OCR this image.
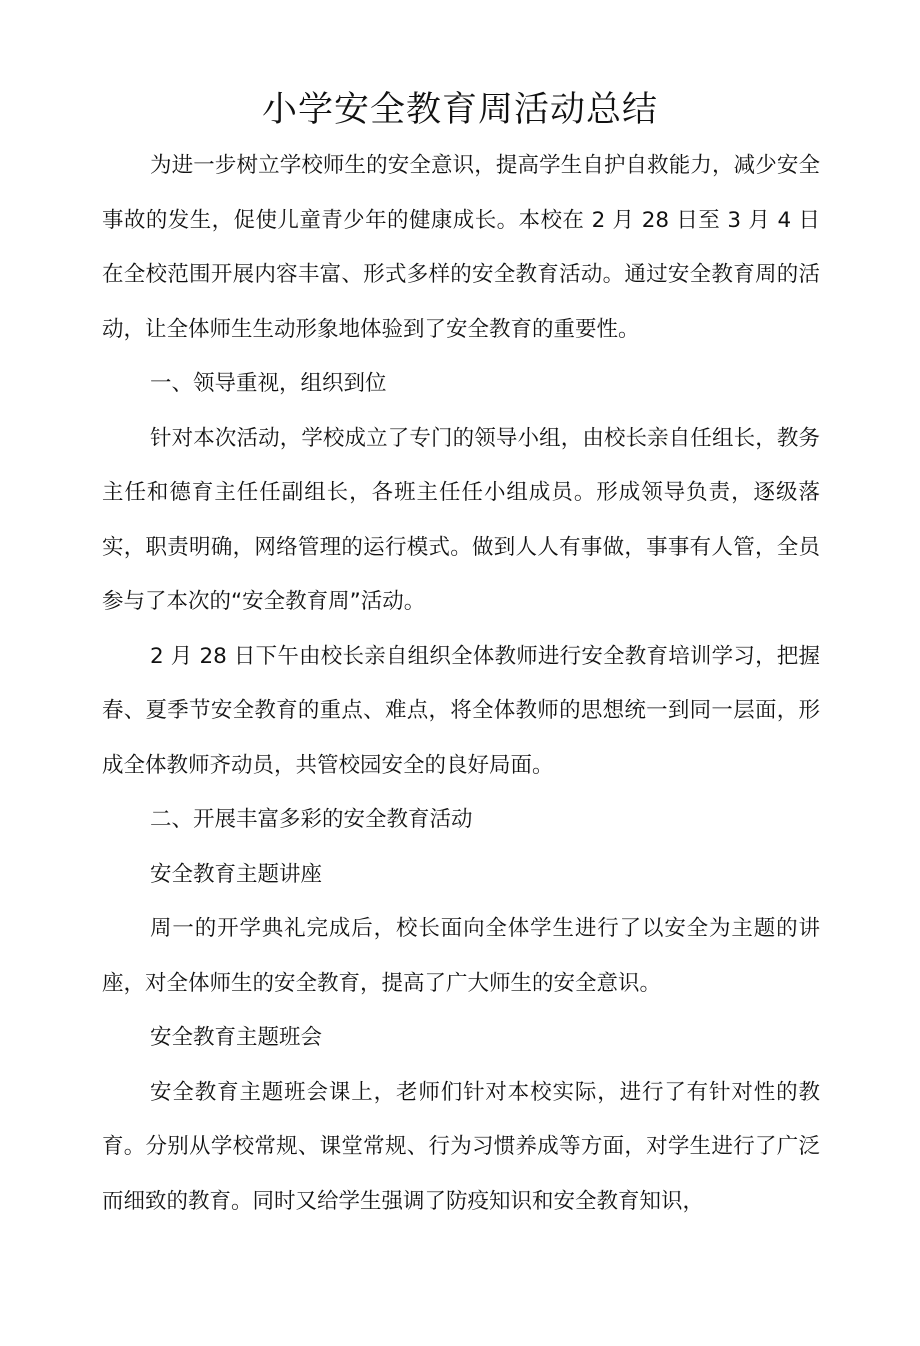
小学安全教育周活动总结

为进一步树立学校师生的安全意识，提高学生自护自救能力，减少安全事故的发生，促使儿童青少年的健康成长。本校在 2 月 28 日至 3 月 4 日在全校范围开展内容丰富、形式多样的安全教育活动。通过安全教育周的活动，让全体师生生动形象地体验到了安全教育的重要性。

一、领导重视，组织到位

针对本次活动，学校成立了专门的领导小组，由校长亲自任组长，教务主任和德育主任任副组长，各班主任任小组成员。形成领导负责，逐级落实，职责明确，网络管理的运行模式。做到人人有事做，事事有人管，全员参与了本次的“安全教育周”活动。

2 月 28 日下午由校长亲自组织全体教师进行安全教育培训学习，把握春、夏季节安全教育的重点、难点，将全体教师的思想统一到同一层面，形成全体教师齐动员，共管校园安全的良好局面。

二、开展丰富多彩的安全教育活动

安全教育主题讲座

周一的开学典礼完成后，校长面向全体学生进行了以安全为主题的讲座，对全体师生的安全教育，提高了广大师生的安全意识。

安全教育主题班会

安全教育主题班会课上，老师们针对本校实际，进行了有针对性的教育。分别从学校常规、课堂常规、行为习惯养成等方面，对学生进行了广泛而细致的教育。同时又给学生强调了防疫知识和安全教育知识，
